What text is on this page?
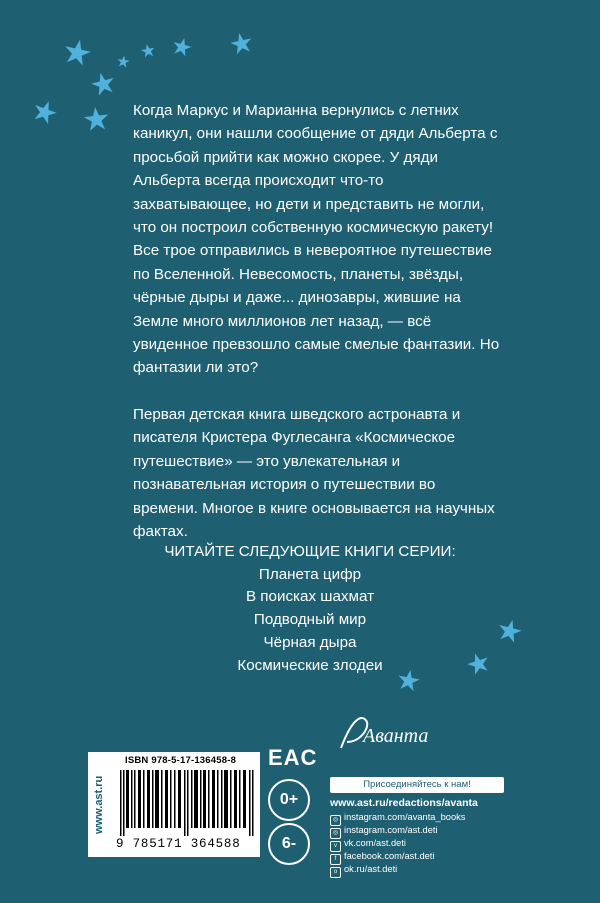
★ ★ ★ ★
★
★
★ ★
★
★
★

Когда Маркус и Марианна вернулись с летних каникул, они нашли сообщение от дяди Альберта с просьбой прийти как можно скорее. У дяди Альберта всегда происходит что-то захватывающее, но дети и представить не могли, что он построил собственную космическую ракету! Все трое отправились в невероятное путешествие по Вселенной. Невесомость, планеты, звёзды, чёрные дыры и даже... динозавры, жившие на Земле много миллионов лет назад, — всё увиденное превзошло самые смелые фантазии. Но фантазии ли это?

Первая детская книга шведского астронавта и писателя Кристера Фуглесанга «Космическое путешествие» — это увлекательная и познавательная история о путешествии во времени. Многое в книге основывается на научных фактах.

ЧИТАЙТЕ СЛЕДУЮЩИЕ КНИГИ СЕРИИ:
Планета цифр
В поисках шахмат
Подводный мир
Чёрная дыра
Космические злодеи
www.ast.ru
ISBN 978-5-17-136458-8
9 785171 364588
EAC
0+
6-
Аванта
Присоединяйтесь к нам!
www.ast.ru/redactions/avanta
◎ instagram.com/avanta_books
◎ instagram.com/ast.deti
v vk.com/ast.deti
f facebook.com/ast.deti
o ok.ru/ast.deti
